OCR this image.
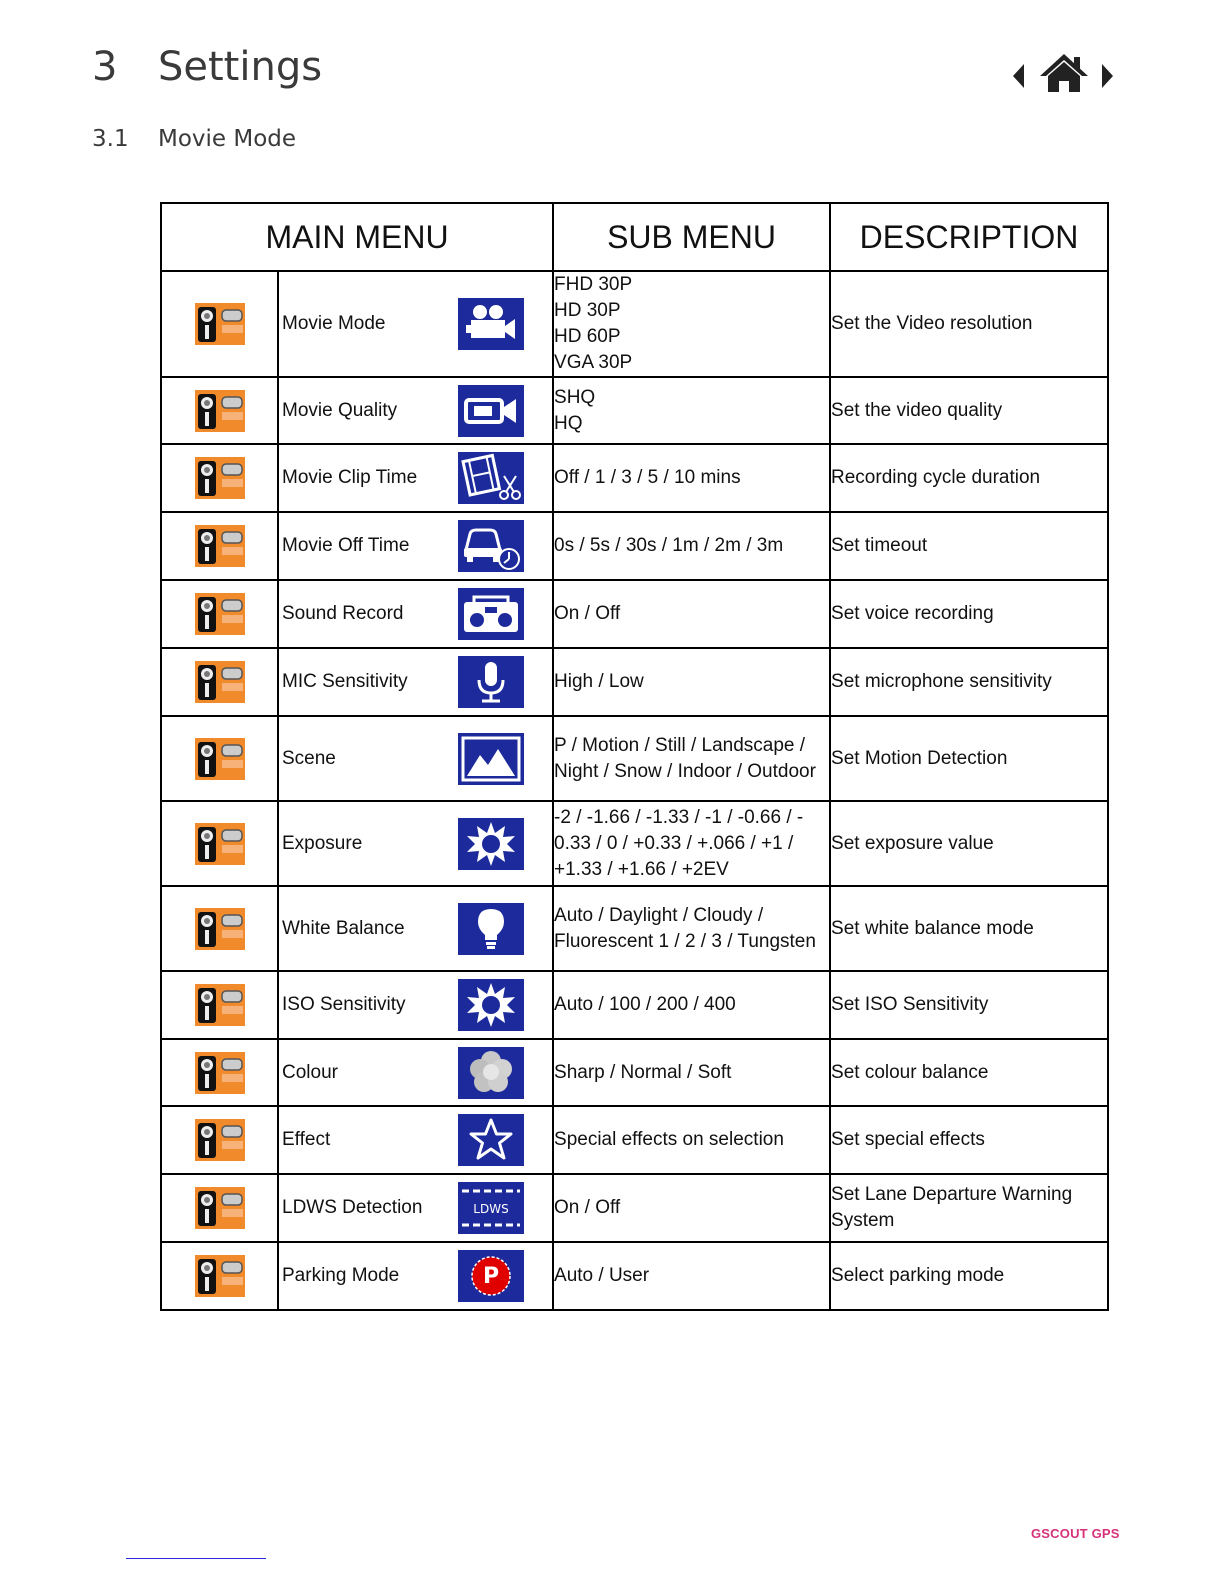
3 Settings
3.1 Movie Mode
MAIN MENU		SUB MENU	DESCRIPTION

Movie Mode	FHD 30P
HD 30P
HD 60P
VGA 30P	Set the Video resolution

Movie Quality	SHQ
HQ	Set the video quality

Movie Clip Time	Off / 1 / 3 / 5 / 10 mins	Recording cycle duration

Movie Off Time	0s / 5s / 30s / 1m / 2m / 3m	Set timeout

Sound Record	On / Off	Set voice recording

MIC Sensitivity	High / Low	Set microphone sensitivity

Scene	P / Motion / Still / Landscape /
Night / Snow / Indoor / Outdoor	Set Motion Detection

Exposure	-2 / -1.66 / -1.33 / -1 / -0.66 / -
0.33 / 0 / +0.33 / +.066 / +1 /
+1.33 / +1.66 / +2EV	Set exposure value

White Balance	Auto / Daylight / Cloudy /
Fluorescent 1 / 2 / 3 / Tungsten	Set white balance mode

ISO Sensitivity	Auto / 100 / 200 / 400	Set ISO Sensitivity

Colour	Sharp / Normal / Soft	Set colour balance

Effect	Special effects on selection	Set special effects

LDWS Detection LDWS	On / Off	Set Lane Departure Warning
System

Parking Mode P	Auto / User	Select parking mode
GSCOUT GPS
